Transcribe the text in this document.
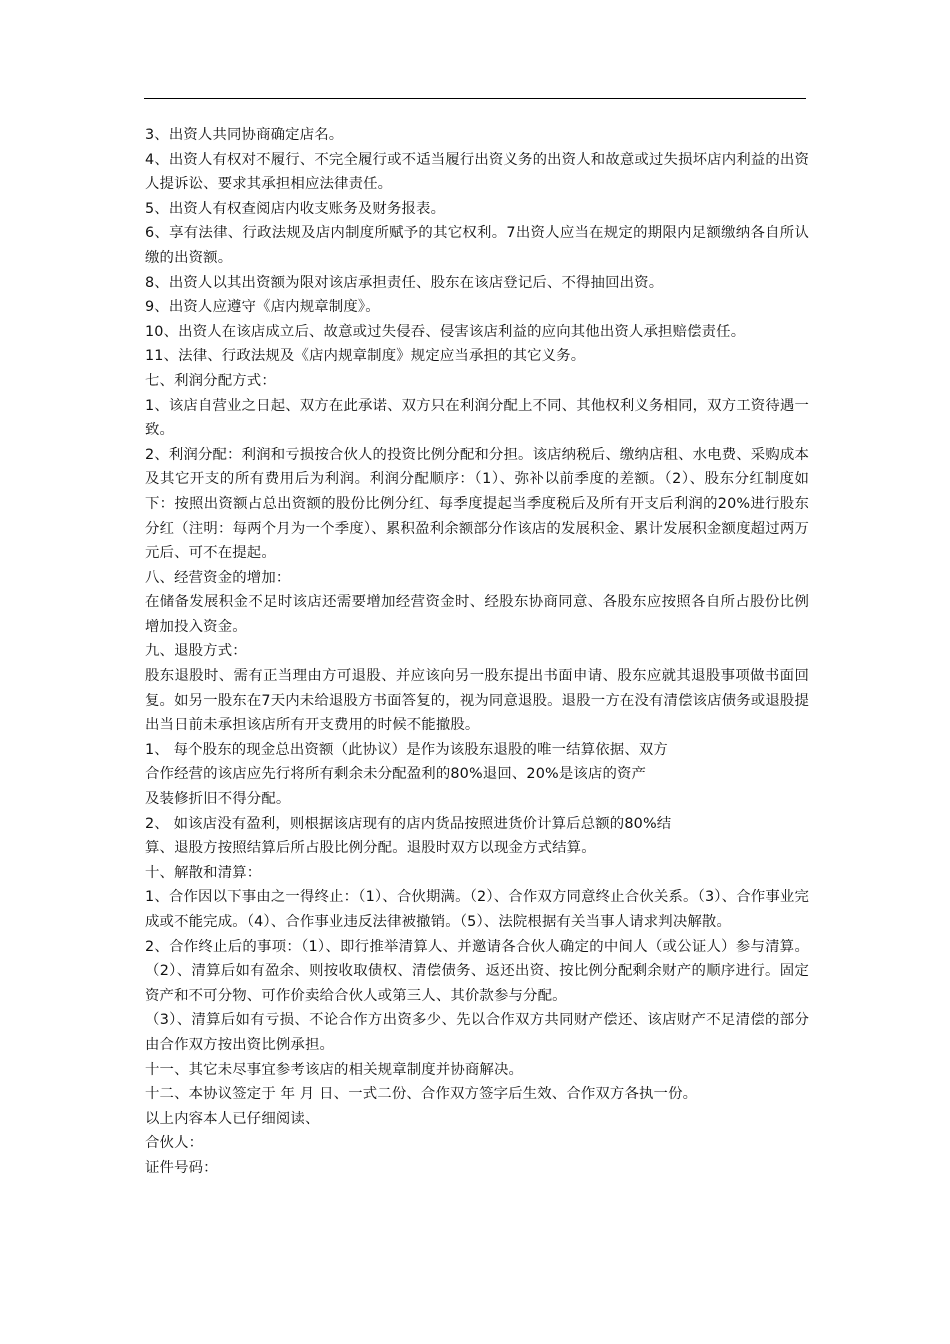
3、出资人共同协商确定店名。

4、出资人有权对不履行、不完全履行或不适当履行出资义务的出资人和故意或过失损坏店内利益的出资人提诉讼、要求其承担相应法律责任。

5、出资人有权查阅店内收支账务及财务报表。

6、享有法律、行政法规及店内制度所赋予的其它权利。7出资人应当在规定的期限内足额缴纳各自所认缴的出资额。

8、出资人以其出资额为限对该店承担责任、股东在该店登记后、不得抽回出资。

9、出资人应遵守《店内规章制度》。

10、出资人在该店成立后、故意或过失侵吞、侵害该店利益的应向其他出资人承担赔偿责任。

11、法律、行政法规及《店内规章制度》规定应当承担的其它义务。

七、利润分配方式：

1、该店自营业之日起、双方在此承诺、双方只在利润分配上不同、其他权利义务相同，双方工资待遇一致。

2、利润分配：利润和亏损按合伙人的投资比例分配和分担。该店纳税后、缴纳店租、水电费、采购成本及其它开支的所有费用后为利润。利润分配顺序：（1）、弥补以前季度的差额。（2）、股东分红制度如下：按照出资额占总出资额的股份比例分红、每季度提起当季度税后及所有开支后利润的20%进行股东分红（注明：每两个月为一个季度）、累积盈利余额部分作该店的发展积金、累计发展积金额度超过两万元后、可不在提起。

八、经营资金的增加：

在储备发展积金不足时该店还需要增加经营资金时、经股东协商同意、各股东应按照各自所占股份比例增加投入资金。

九、退股方式：

股东退股时、需有正当理由方可退股、并应该向另一股东提出书面申请、股东应就其退股事项做书面回复。如另一股东在7天内未给退股方书面答复的，视为同意退股。退股一方在没有清偿该店债务或退股提出当日前未承担该店所有开支费用的时候不能撤股。

1、 每个股东的现金总出资额（此协议）是作为该股东退股的唯一结算依据、双方

合作经营的该店应先行将所有剩余未分配盈利的80%退回、20%是该店的资产

及装修折旧不得分配。

2、 如该店没有盈利，则根据该店现有的店内货品按照进货价计算后总额的80%结

算、退股方按照结算后所占股比例分配。退股时双方以现金方式结算。

十、解散和清算：

1、合作因以下事由之一得终止：（1）、合伙期满。（2）、合作双方同意终止合伙关系。（3）、合作事业完成或不能完成。（4）、合作事业违反法律被撤销。（5）、法院根据有关当事人请求判决解散。

2、合作终止后的事项：（1）、即行推举清算人、并邀请各合伙人确定的中间人（或公证人）参与清算。（2）、清算后如有盈余、则按收取债权、清偿债务、返还出资、按比例分配剩余财产的顺序进行。固定资产和不可分物、可作价卖给合伙人或第三人、其价款参与分配。

（3）、清算后如有亏损、不论合作方出资多少、先以合作双方共同财产偿还、该店财产不足清偿的部分由合作双方按出资比例承担。

十一、其它未尽事宜参考该店的相关规章制度并协商解决。

十二、本协议签定于 年 月 日、一式二份、合作双方签字后生效、合作双方各执一份。

以上内容本人已仔细阅读、

合伙人：

证件号码：
